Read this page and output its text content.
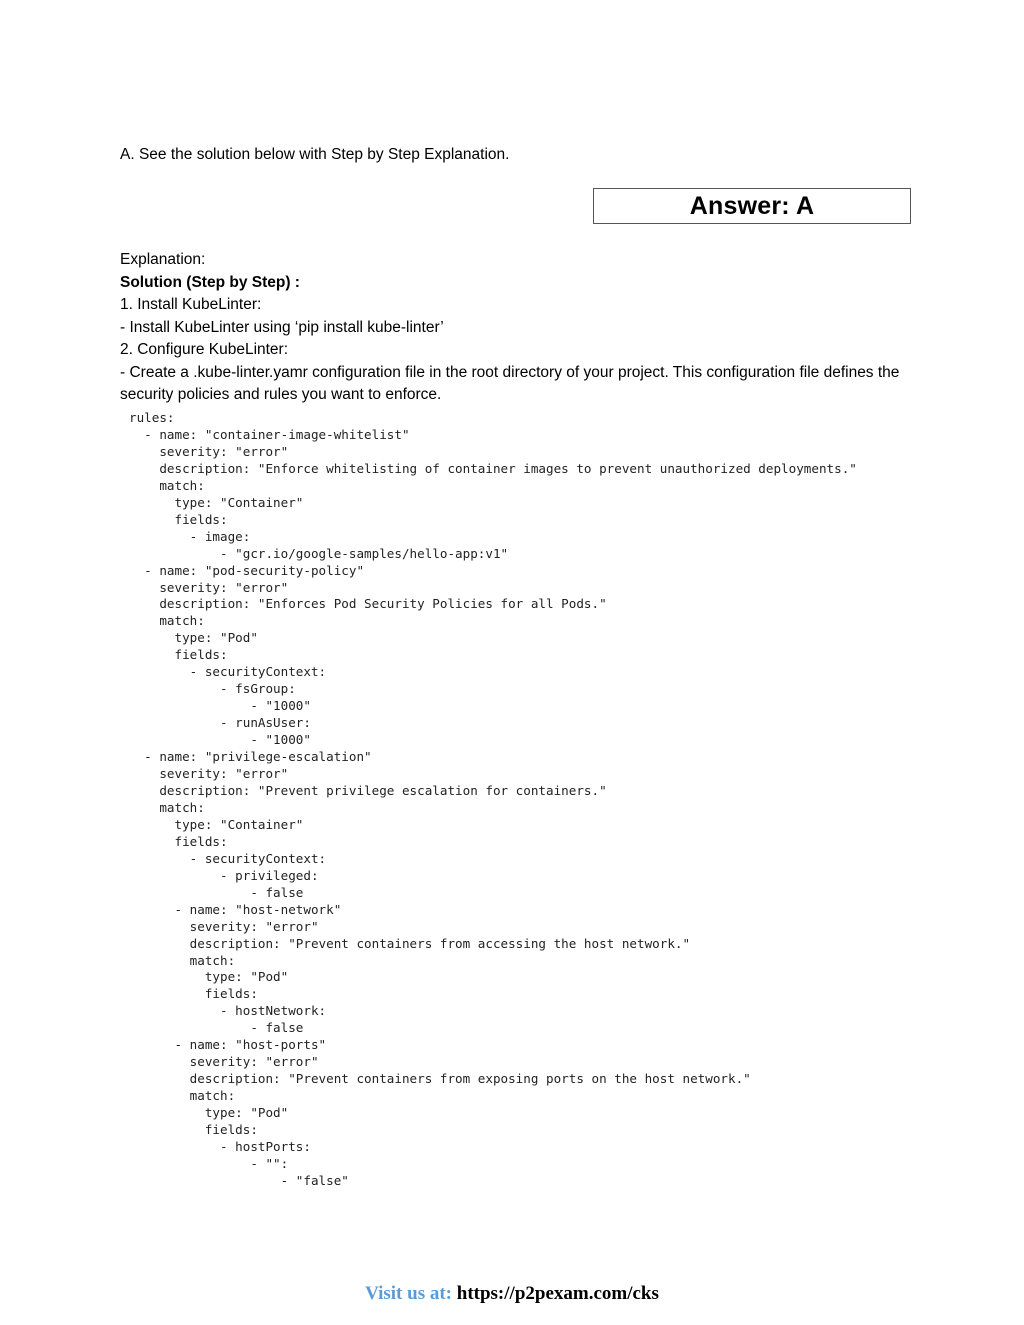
A. See the solution below with Step by Step Explanation.
Answer: A

Explanation:

Solution (Step by Step) :

1. Install KubeLinter:

- Install KubeLinter using ‘pip install kube-linter’

2. Configure KubeLinter:

- Create a .kube-linter.yamr configuration file in the root directory of your project. This configuration file defines the security policies and rules you want to enforce.

rules:
- name: "container-image-whitelist"
severity: "error"
description: "Enforce whitelisting of container images to prevent unauthorized deployments."
match:
type: "Container"
fields:
- image:
- "gcr.io/google-samples/hello-app:v1"
- name: "pod-security-policy"
severity: "error"
description: "Enforces Pod Security Policies for all Pods."
match:
type: "Pod"
fields:
- securityContext:
- fsGroup:
- "1000"
- runAsUser:
- "1000"
- name: "privilege-escalation"
severity: "error"
description: "Prevent privilege escalation for containers."
match:
type: "Container"
fields:
- securityContext:
- privileged:
- false
- name: "host-network"
severity: "error"
description: "Prevent containers from accessing the host network."
match:
type: "Pod"
fields:
- hostNetwork:
- false
- name: "host-ports"
severity: "error"
description: "Prevent containers from exposing ports on the host network."
match:
type: "Pod"
fields:
- hostPorts:
- "":
- "false"
Visit us at: https://p2pexam.com/cks
